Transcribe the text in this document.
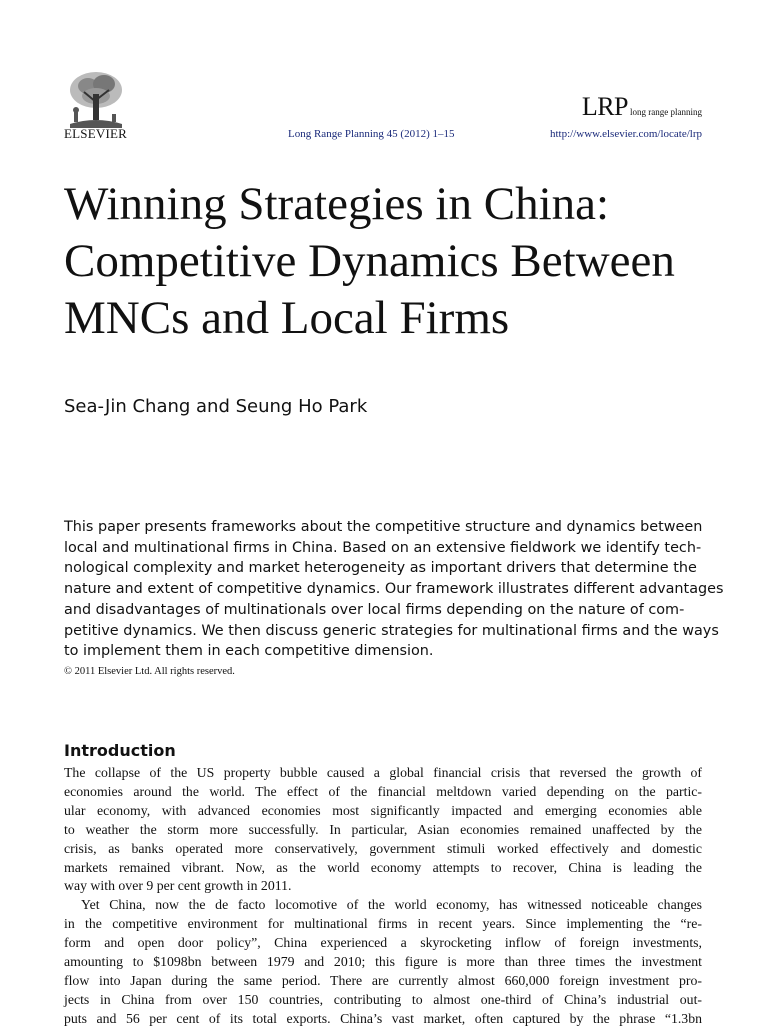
ELSEVIER
LRP long range planning
Long Range Planning 45 (2012) 1–15	http://www.elsevier.com/locate/lrp
Winning Strategies in China:
Competitive Dynamics Between
MNCs and Local Firms
Sea-Jin Chang and Seung Ho Park
This paper presents frameworks about the competitive structure and dynamics between
local and multinational firms in China. Based on an extensive fieldwork we identify tech-
nological complexity and market heterogeneity as important drivers that determine the
nature and extent of competitive dynamics. Our framework illustrates different advantages
and disadvantages of multinationals over local firms depending on the nature of com-
petitive dynamics. We then discuss generic strategies for multinational firms and the ways
to implement them in each competitive dimension.
© 2011 Elsevier Ltd. All rights reserved.
Introduction
The collapse of the US property bubble caused a global financial crisis that reversed the growth of
economies around the world. The effect of the financial meltdown varied depending on the partic-
ular economy, with advanced economies most significantly impacted and emerging economies able
to weather the storm more successfully. In particular, Asian economies remained unaffected by the
crisis, as banks operated more conservatively, government stimuli worked effectively and domestic
markets remained vibrant. Now, as the world economy attempts to recover, China is leading the
way with over 9 per cent growth in 2011.
Yet China, now the de facto locomotive of the world economy, has witnessed noticeable changes
in the competitive environment for multinational firms in recent years. Since implementing the “re-
form and open door policy”, China experienced a skyrocketing inflow of foreign investments,
amounting to $1098bn between 1979 and 2010; this figure is more than three times the investment
flow into Japan during the same period. There are currently almost 660,000 foreign investment pro-
jects in China from over 150 countries, contributing to almost one-third of China’s industrial out-
puts and 56 per cent of its total exports. China’s vast market, often captured by the phrase “1.3bn
